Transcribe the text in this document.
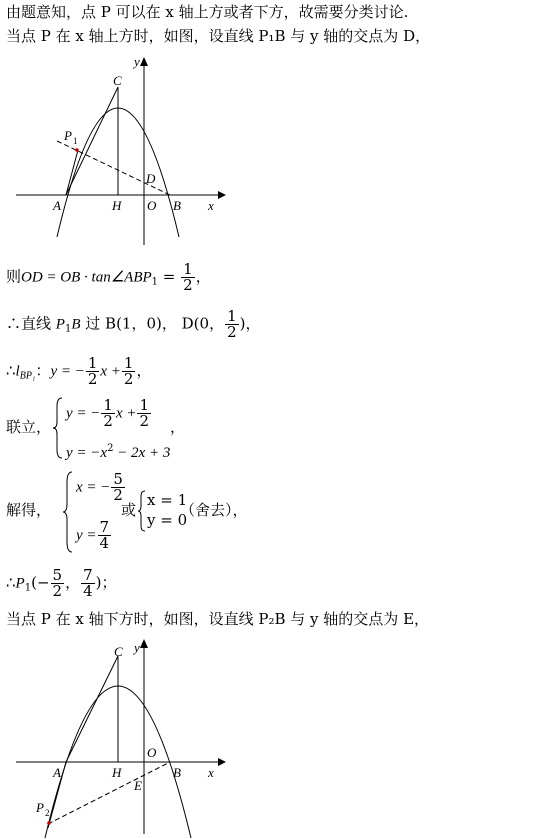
由题意知，点 P 可以在 x 轴上方或者下方，故需要分类讨论.
当点 P 在 x 轴上方时，如图，设直线 P₁B 与 y 轴的交点为 D，
y
C
P 1
D
A	H O B x
则OD = OB · $\tan\angle ABP_1 = \frac{1}{2}$ ，
∴直线 $P_1B$ 过 B(1，0)， D(0， $\frac{1}{2}$ )，
$\therefore l_{BP_1}$：y = − $\frac{1}{2}$ $x + \frac{1}{2}$ ，
联立，
y = − $\frac{1}{2}$ $x + \frac{1}{2}$
$y = -x^2 - 2x + 3$
，
解得，
x = − $\frac{5}{2}$
$y = \frac{7}{4}$
或
x = 1
y = 0
（舍去），
$\therefore P_1(- \frac{5}{2}$ ， $\frac{7}{4}$ )；
当点 P 在 x 轴下方时，如图，设直线 P₂B 与 y 轴的交点为 E，
y
C
O
A	H	B x
E
P 2
